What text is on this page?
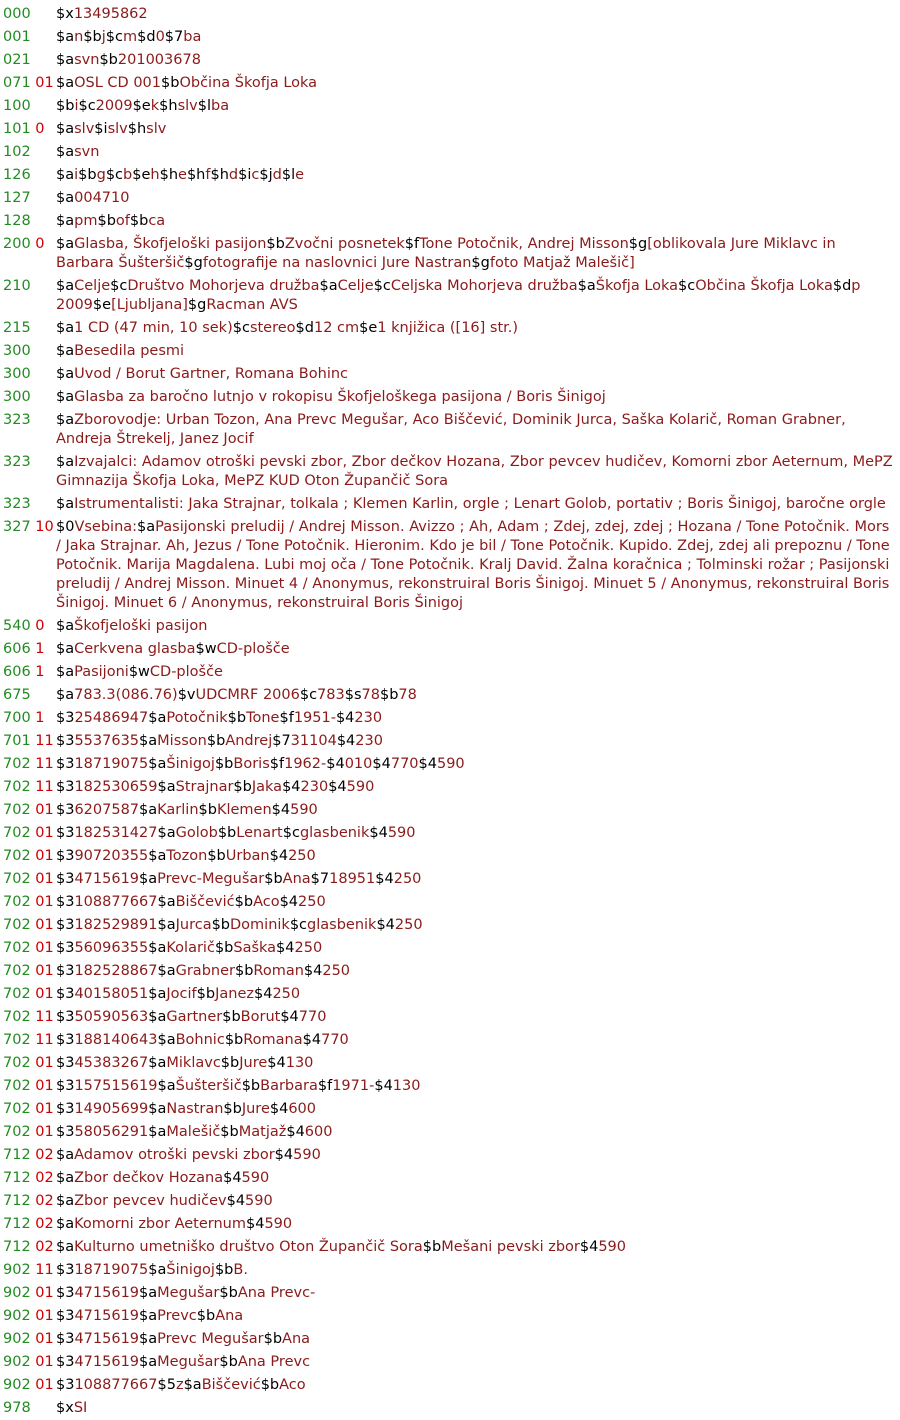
000	$x13495862
001	$an$bj$cm$d0$7ba
021	$asvn$b201003678
071 01 $aOSL CD 001$bObčina Škofja Loka
100	$bi$c2009$ek$hslv$lba
101 0 $aslv$islv$hslv
102	$asvn
126	$ai$bg$cb$eh$he$hf$hd$ic$jd$le
127	$a004710
128	$apm$bof$bca
200 0 $aGlasba, Škofjeloški pasijon$bZvočni posnetek$fTone Potočnik, Andrej Misson$g[oblikovala Jure Miklavc in Barbara Šušteršič$gfotografije na naslovnici Jure Nastran$gfoto Matjaž Malešič]
210	$aCelje$cDruštvo Mohorjeva družba$aCelje$cCeljska Mohorjeva družba$aŠkofja Loka$cObčina Škofja Loka$dp 2009$e[Ljubljana]$gRacman AVS
215	$a1 CD (47 min, 10 sek)$cstereo$d12 cm$e1 knjižica ([16] str.)
300	$aBesedila pesmi
300	$aUvod / Borut Gartner, Romana Bohinc
300	$aGlasba za baročno lutnjo v rokopisu Škofjeloškega pasijona / Boris Šinigoj
323	$aZborovodje: Urban Tozon, Ana Prevc Megušar, Aco Biščević, Dominik Jurca, Saška Kolarič, Roman Grabner, Andreja Štrekelj, Janez Jocif
323	$aIzvajalci: Adamov otroški pevski zbor, Zbor dečkov Hozana, Zbor pevcev hudičev, Komorni zbor Aeternum, MePZ Gimnazija Škofja Loka, MePZ KUD Oton Župančič Sora
323	$aIstrumentalisti: Jaka Strajnar, tolkala ; Klemen Karlin, orgle ; Lenart Golob, portativ ; Boris Šinigoj, baročne orgle
327 10 $0Vsebina:$aPasijonski preludij / Andrej Misson. Avizzo ; Ah, Adam ; Zdej, zdej, zdej ; Hozana / Tone Potočnik. Mors / Jaka Strajnar. Ah, Jezus / Tone Potočnik. Hieronim. Kdo je bil / Tone Potočnik. Kupido. Zdej, zdej ali prepoznu / Tone Potočnik. Marija Magdalena. Lubi moj oča / Tone Potočnik. Kralj David. Žalna koračnica ; Tolminski rožar ; Pasijonski preludij / Andrej Misson. Minuet 4 / Anonymus, rekonstruiral Boris Šinigoj. Minuet 5 / Anonymus, rekonstruiral Boris Šinigoj. Minuet 6 / Anonymus, rekonstruiral Boris Šinigoj
540 0 $aŠkofjeloški pasijon
606 1 $aCerkvena glasba$wCD-plošče
606 1 $aPasijoni$wCD-plošče
675	$a783.3(086.76)$vUDCMRF 2006$c783$s78$b78
700 1 $325486947$aPotočnik$bTone$f1951-$4230
701 11 $35537635$aMisson$bAndrej$731104$4230
702 11 $318719075$aŠinigoj$bBoris$f1962-$4010$4770$4590
702 11 $3182530659$aStrajnar$bJaka$4230$4590
702 01 $36207587$aKarlin$bKlemen$4590
702 01 $3182531427$aGolob$bLenart$cglasbenik$4590
702 01 $390720355$aTozon$bUrban$4250
702 01 $34715619$aPrevc-Megušar$bAna$718951$4250
702 01 $3108877667$aBiščević$bAco$4250
702 01 $3182529891$aJurca$bDominik$cglasbenik$4250
702 01 $356096355$aKolarič$bSaška$4250
702 01 $3182528867$aGrabner$bRoman$4250
702 01 $340158051$aJocif$bJanez$4250
702 11 $350590563$aGartner$bBorut$4770
702 11 $3188140643$aBohnic$bRomana$4770
702 01 $345383267$aMiklavc$bJure$4130
702 01 $3157515619$aŠušteršič$bBarbara$f1971-$4130
702 01 $314905699$aNastran$bJure$4600
702 01 $358056291$aMalešič$bMatjaž$4600
712 02 $aAdamov otroški pevski zbor$4590
712 02 $aZbor dečkov Hozana$4590
712 02 $aZbor pevcev hudičev$4590
712 02 $aKomorni zbor Aeternum$4590
712 02 $aKulturno umetniško društvo Oton Župančič Sora$bMešani pevski zbor$4590
902 11 $318719075$aŠinigoj$bB.
902 01 $34715619$aMegušar$bAna Prevc-
902 01 $34715619$aPrevc$bAna
902 01 $34715619$aPrevc Megušar$bAna
902 01 $34715619$aMegušar$bAna Prevc
902 01 $3108877667$5z$aBiščević$bAco
978	$xSI
